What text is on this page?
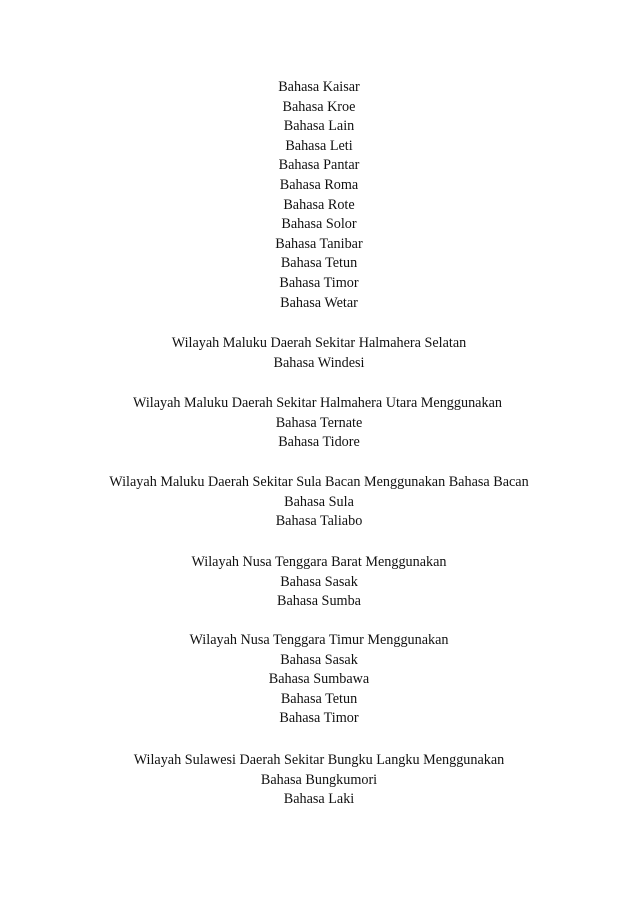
Bahasa Kaisar
Bahasa Kroe
Bahasa Lain
Bahasa Leti
Bahasa Pantar
Bahasa Roma
Bahasa Rote
Bahasa Solor
Bahasa Tanibar
Bahasa Tetun
Bahasa Timor
Bahasa Wetar
Wilayah Maluku Daerah Sekitar Halmahera Selatan
Bahasa Windesi
Wilayah Maluku Daerah Sekitar Halmahera Utara Menggunakan
Bahasa Ternate
Bahasa Tidore
Wilayah Maluku Daerah Sekitar Sula Bacan Menggunakan Bahasa Bacan
Bahasa Sula
Bahasa Taliabo
Wilayah Nusa Tenggara Barat Menggunakan
Bahasa Sasak
Bahasa Sumba
Wilayah Nusa Tenggara Timur Menggunakan
Bahasa Sasak
Bahasa Sumbawa
Bahasa Tetun
Bahasa Timor
Wilayah Sulawesi Daerah Sekitar Bungku Langku Menggunakan
Bahasa Bungkumori
Bahasa Laki
